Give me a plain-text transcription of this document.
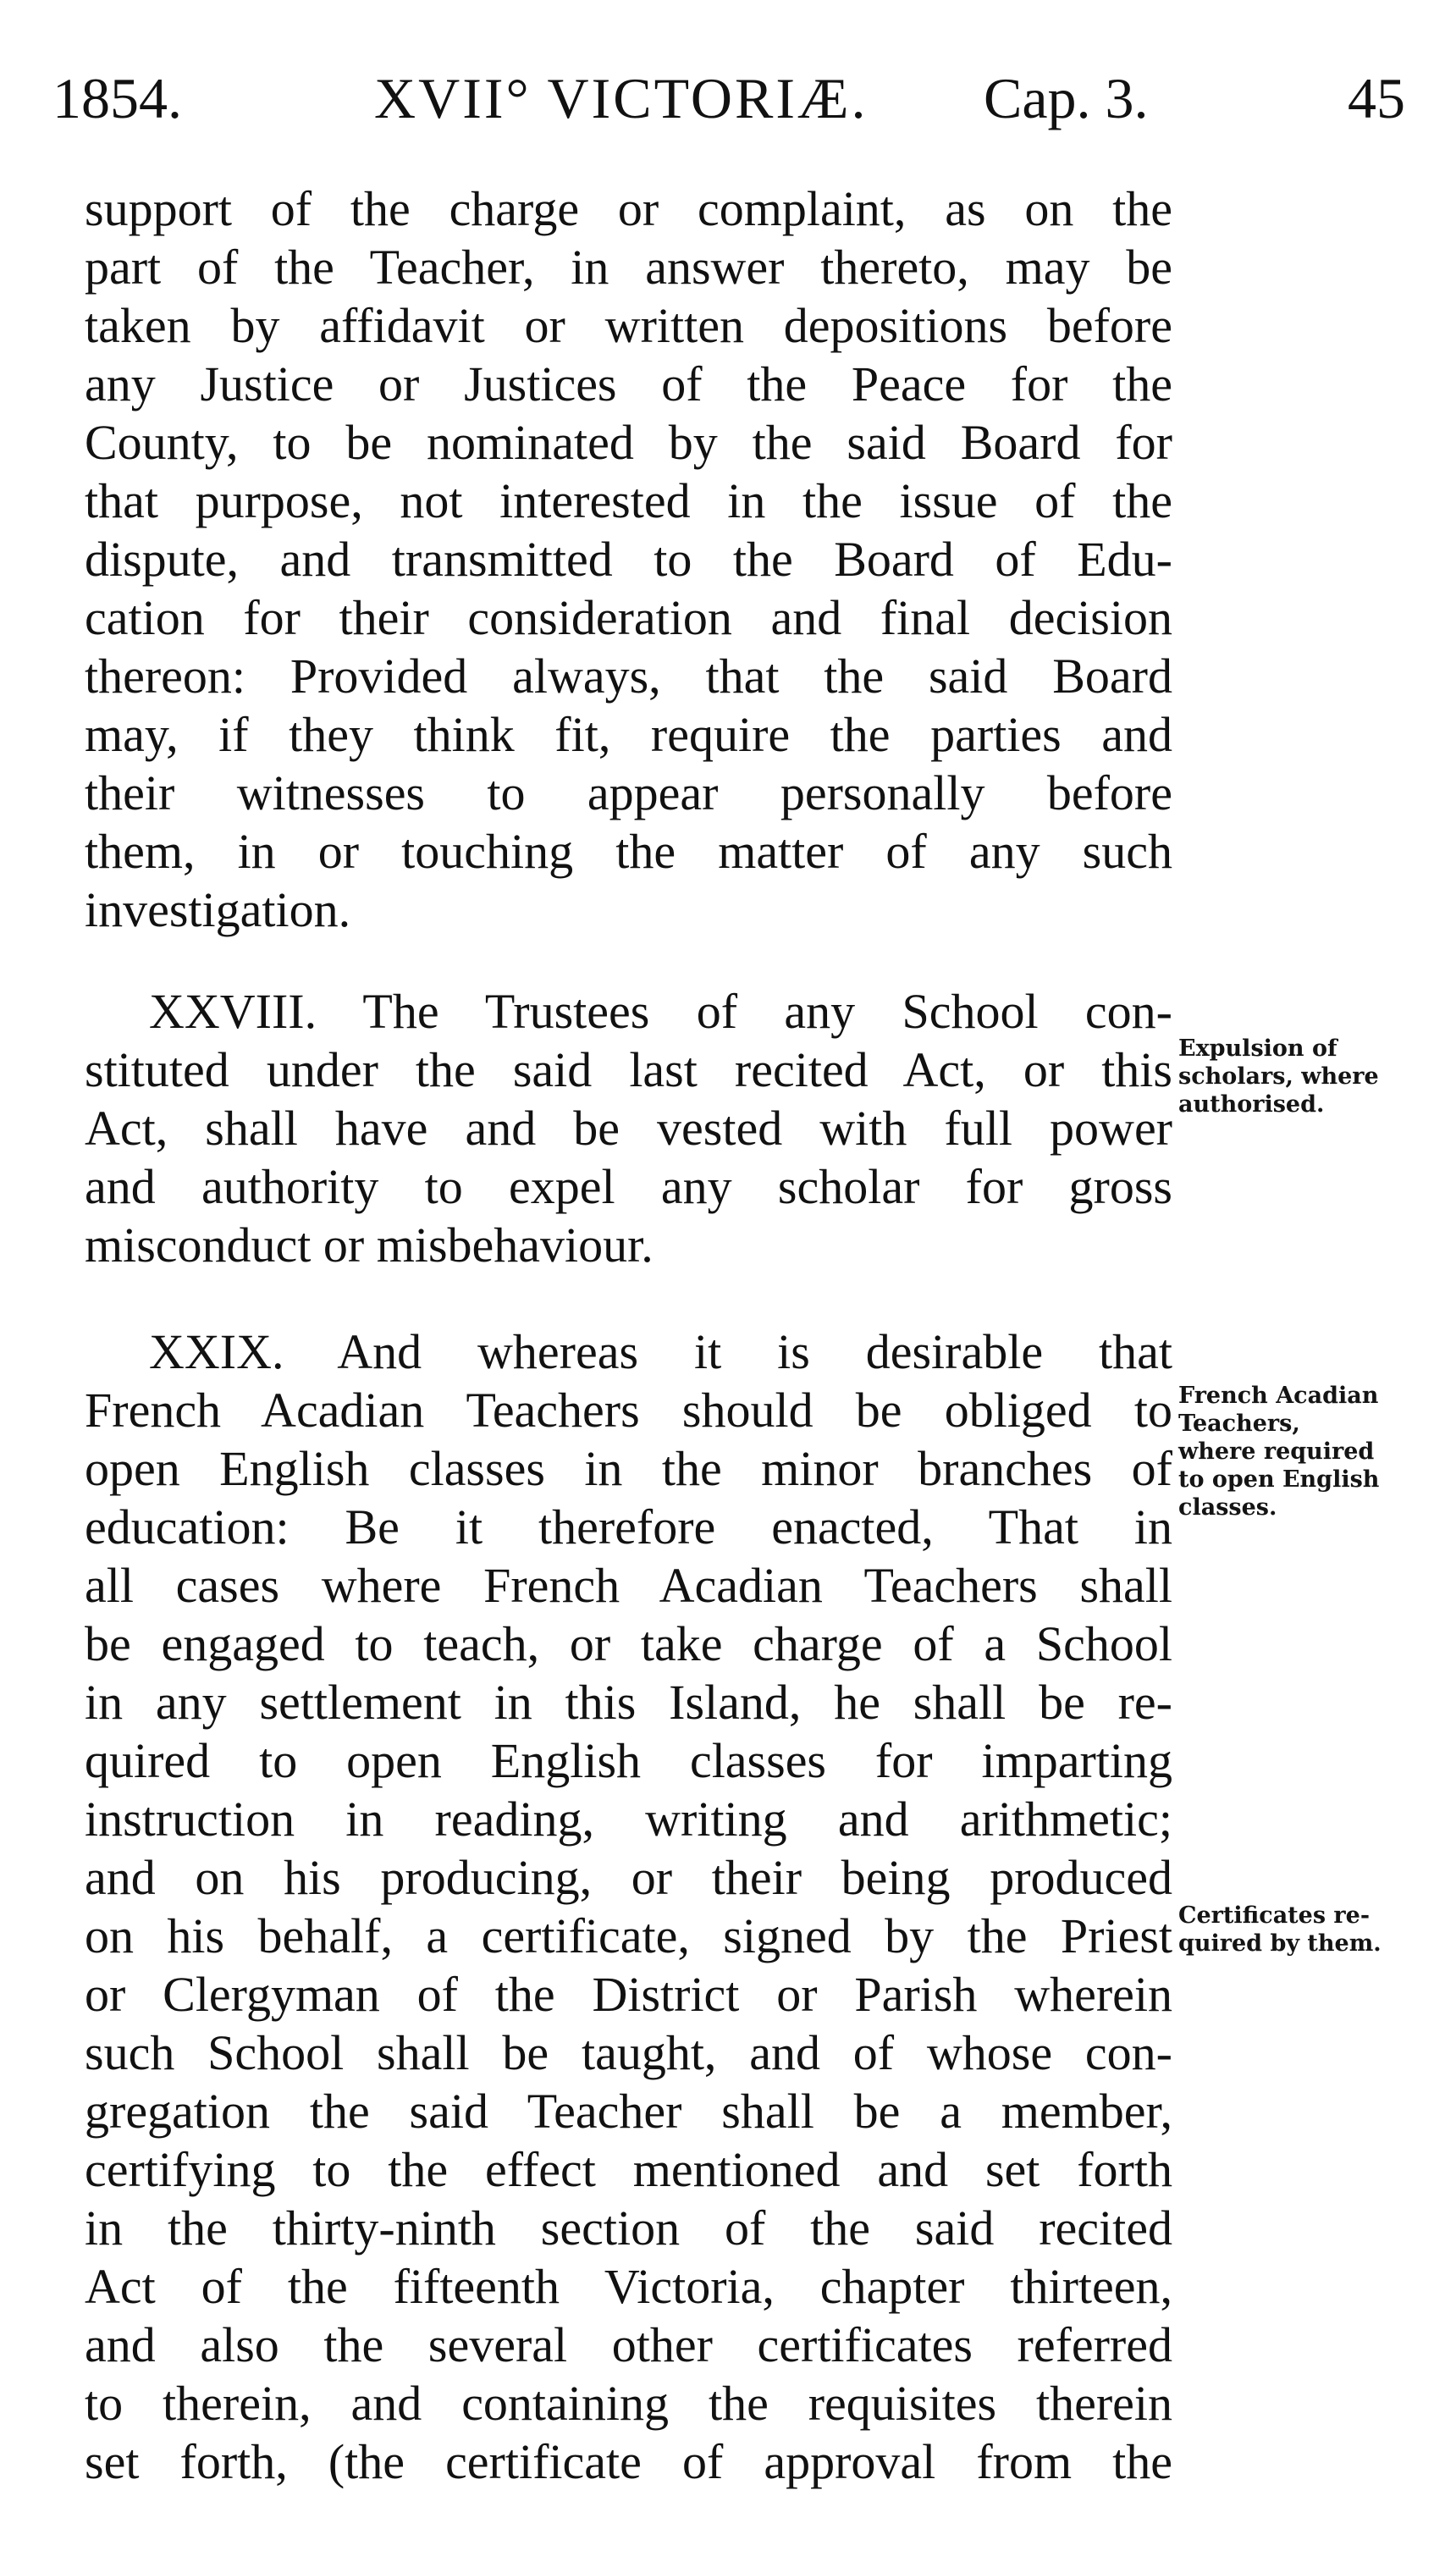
1854.	XVII° VICTORIÆ. Cap. 3.	45
support of the charge or complaint, as on the
part of the Teacher, in answer thereto, may be
taken by affidavit or written depositions before
any Justice or Justices of the Peace for the
County, to be nominated by the said Board for
that purpose, not interested in the issue of the
dispute, and transmitted to the Board of Edu-
cation for their consideration and final decision
thereon: Provided always, that the said Board
may, if they think fit, require the parties and
their witnesses to appear personally before
them, in or touching the matter of any such
investigation.
XXVIII. The Trustees of any School con-
stituted under the said last recited Act, or this
Act, shall have and be vested with full power
and authority to expel any scholar for gross
misconduct or misbehaviour.
XXIX. And whereas it is desirable that
French Acadian Teachers should be obliged to
open English classes in the minor branches of
education: Be it therefore enacted, That in
all cases where French Acadian Teachers shall
be engaged to teach, or take charge of a School
in any settlement in this Island, he shall be re-
quired to open English classes for imparting
instruction in reading, writing and arithmetic;
and on his producing, or their being produced
on his behalf, a certificate, signed by the Priest
or Clergyman of the District or Parish wherein
such School shall be taught, and of whose con-
gregation the said Teacher shall be a member,
certifying to the effect mentioned and set forth
in the thirty-ninth section of the said recited
Act of the fifteenth Victoria, chapter thirteen,
and also the several other certificates referred
to therein, and containing the requisites therein
set forth, (the certificate of approval from the
Expulsion of
scholars, where
authorised.
French Acadian
Teachers,
where required
to open English
classes.
Certificates re-
quired by them.
